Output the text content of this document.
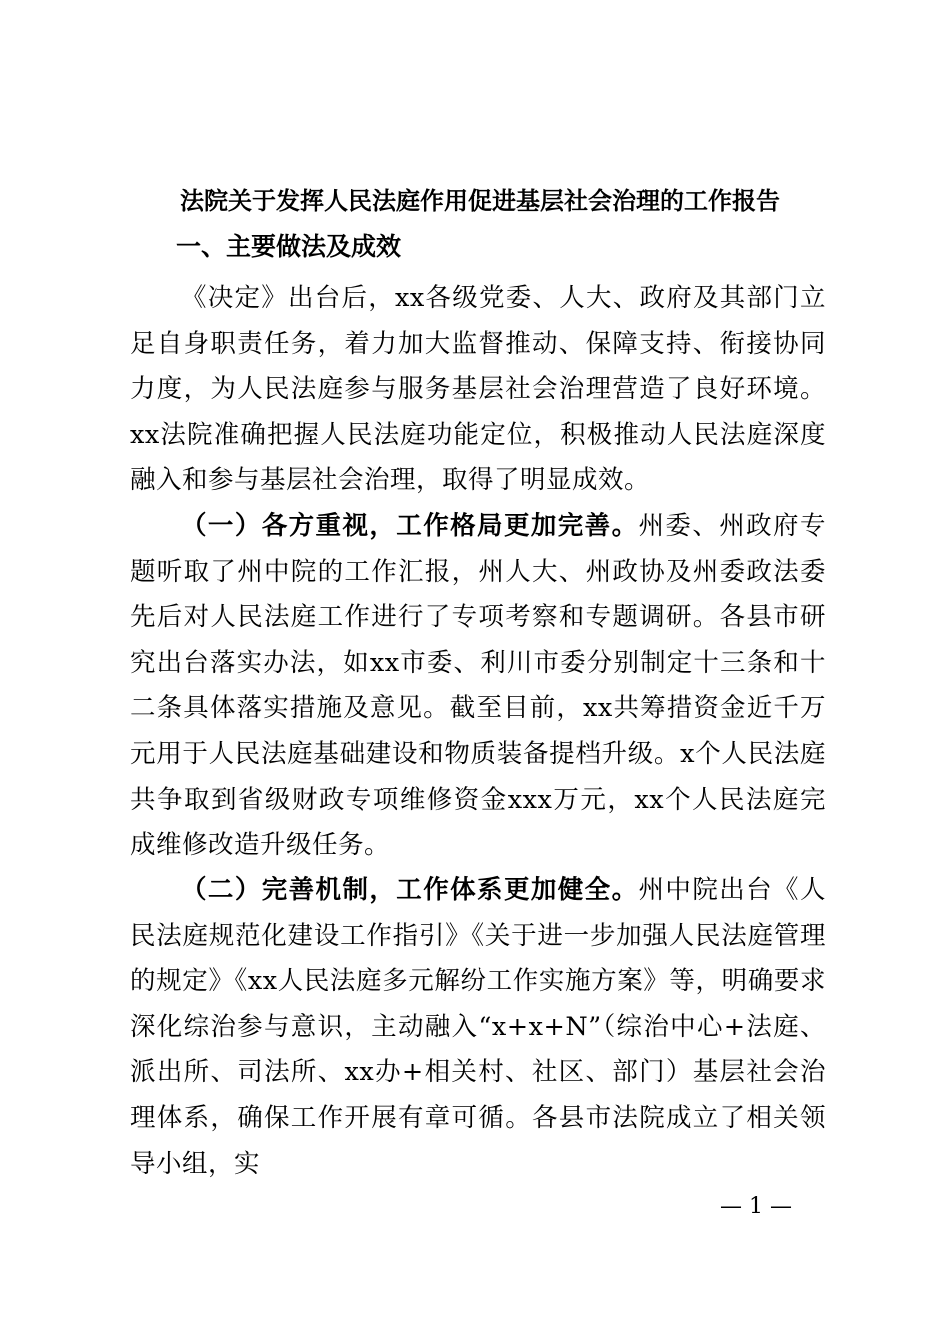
法院关于发挥人民法庭作用促进基层社会治理的工作报告
一、主要做法及成效

《决定》出台后，xx各级党委、人大、政府及其部门立足自身职责任务，着力加大监督推动、保障支持、衔接协同力度，为人民法庭参与服务基层社会治理营造了良好环境。xx法院准确把握人民法庭功能定位，积极推动人民法庭深度融入和参与基层社会治理，取得了明显成效。

（一）各方重视，工作格局更加完善。州委、州政府专题听取了州中院的工作汇报，州人大、州政协及州委政法委先后对人民法庭工作进行了专项考察和专题调研。各县市研究出台落实办法，如xx市委、利川市委分别制定十三条和十二条具体落实措施及意见。截至目前，xx共筹措资金近千万元用于人民法庭基础建设和物质装备提档升级。x个人民法庭共争取到省级财政专项维修资金xxx万元，xx个人民法庭完成维修改造升级任务。

（二）完善机制，工作体系更加健全。州中院出台《人民法庭规范化建设工作指引》《关于进一步加强人民法庭管理的规定》《xx人民法庭多元解纷工作实施方案》等，明确要求深化综治参与意识，主动融入“x+x+N”（综治中心+法庭、派出所、司法所、xx办+相关村、社区、部门）基层社会治理体系，确保工作开展有章可循。各县市法院成立了相关领导小组，实

— 1 —
